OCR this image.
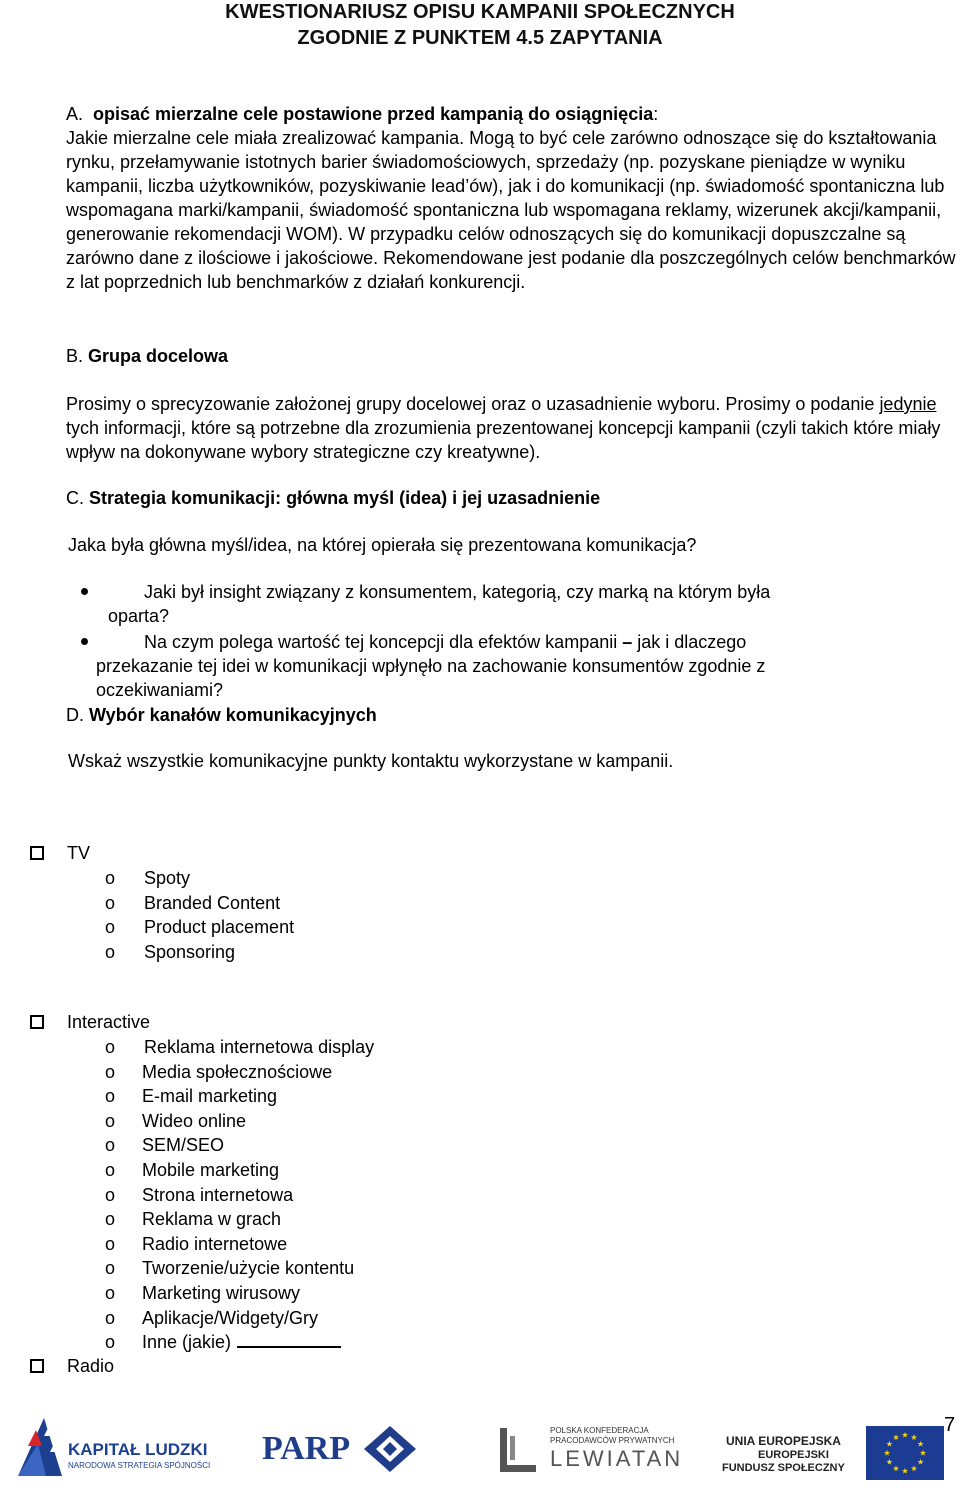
KWESTIONARIUSZ OPISU KAMPANII SPOŁECZNYCH
ZGODNIE Z PUNKTEM 4.5 ZAPYTANIA
A. opisać mierzalne cele postawione przed kampanią do osiągnięcia:
Jakie mierzalne cele miała zrealizować kampania. Mogą to być cele zarówno odnoszące się do kształtowania rynku, przełamywanie istotnych barier świadomościowych, sprzedaży (np. pozyskane pieniądze w wyniku kampanii, liczba użytkowników, pozyskiwanie lead’ów), jak i do komunikacji (np. świadomość spontaniczna lub wspomagana marki/kampanii, świadomość spontaniczna lub wspomagana reklamy, wizerunek akcji/kampanii, generowanie rekomendacji WOM). W przypadku celów odnoszących się do komunikacji dopuszczalne są zarówno dane z ilościowe i jakościowe. Rekomendowane jest podanie dla poszczególnych celów benchmarków z lat poprzednich lub benchmarków z działań konkurencji.
B. Grupa docelowa
Prosimy o sprecyzowanie założonej grupy docelowej oraz o uzasadnienie wyboru. Prosimy o podanie jedynie tych informacji, które są potrzebne dla zrozumienia prezentowanej koncepcji kampanii (czyli takich które miały wpływ na dokonywane wybory strategiczne czy kreatywne).
C. Strategia komunikacji: główna myśl (idea) i jej uzasadnienie
Jaka była główna myśl/idea, na której opierała się prezentowana komunikacja?
Jaki był insight związany z konsumentem, kategorią, czy marką na którym była
oparta?
Na czym polega wartość tej koncepcji dla efektów kampanii – jak i dlaczego
przekazanie tej idei w komunikacji wpłynęło na zachowanie konsumentów zgodnie z
oczekiwaniami?
D. Wybór kanałów komunikacyjnych
Wskaż wszystkie komunikacyjne punkty kontaktu wykorzystane w kampanii.
TV
o Spoty
o Branded Content
o Product placement
o Sponsoring
Interactive
o Reklama internetowa display
o Media społecznościowe
o E-mail marketing
o Wideo online
o SEM/SEO
o Mobile marketing
o Strona internetowa
o Reklama w grach
o Radio internetowe
o Tworzenie/użycie kontentu
o Marketing wirusowy
o Aplikacje/Widgety/Gry
o Inne (jakie)
Radio
7
KAPITAŁ LUDZKI
NARODOWA STRATEGIA SPÓJNOŚCI PARP	POLSKA KONFEDERACJA
PRACODAWCÓW PRYWATNYCH
LEWIATAN
UNIA EUROPEJSKA
EUROPEJSKI
FUNDUSZ SPOŁECZNY
